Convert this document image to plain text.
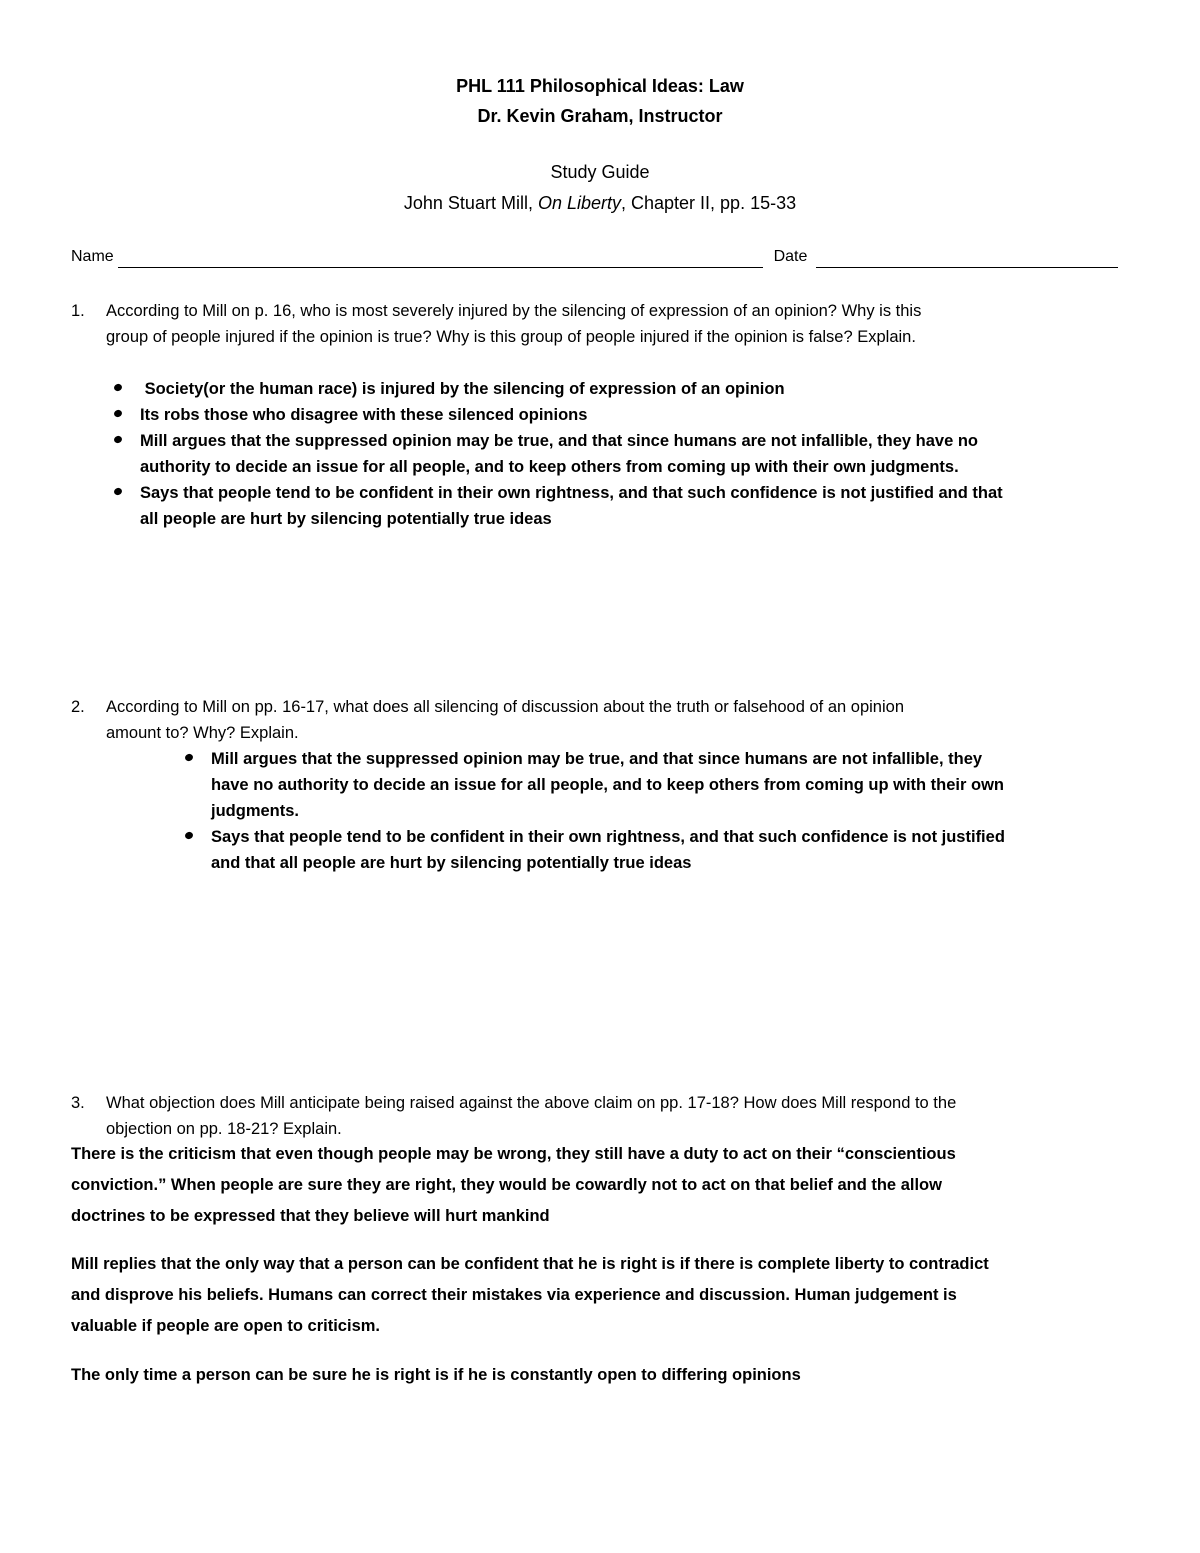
PHL 111 Philosophical Ideas: Law
Dr. Kevin Graham, Instructor
Study Guide
John Stuart Mill, On Liberty, Chapter II, pp. 15-33
Name	Date
1. According to Mill on p. 16, who is most severely injured by the silencing of expression of an opinion? Why is this
group of people injured if the opinion is true? Why is this group of people injured if the opinion is false? Explain.
Society(or the human race) is injured by the silencing of expression of an opinion
Its robs those who disagree with these silenced opinions
Mill argues that the suppressed opinion may be true, and that since humans are not infallible, they have no
authority to decide an issue for all people, and to keep others from coming up with their own judgments.
Says that people tend to be confident in their own rightness, and that such confidence is not justified and that
all people are hurt by silencing potentially true ideas
2. According to Mill on pp. 16-17, what does all silencing of discussion about the truth or falsehood of an opinion
amount to? Why? Explain.
Mill argues that the suppressed opinion may be true, and that since humans are not infallible, they
have no authority to decide an issue for all people, and to keep others from coming up with their own
judgments.
Says that people tend to be confident in their own rightness, and that such confidence is not justified
and that all people are hurt by silencing potentially true ideas
3. What objection does Mill anticipate being raised against the above claim on pp. 17-18? How does Mill respond to the
objection on pp. 18-21? Explain.
There is the criticism that even though people may be wrong, they still have a duty to act on their “conscientious
conviction.” When people are sure they are right, they would be cowardly not to act on that belief and the allow
doctrines to be expressed that they believe will hurt mankind
Mill replies that the only way that a person can be confident that he is right is if there is complete liberty to contradict
and disprove his beliefs. Humans can correct their mistakes via experience and discussion. Human judgement is
valuable if people are open to criticism.
The only time a person can be sure he is right is if he is constantly open to differing opinions
